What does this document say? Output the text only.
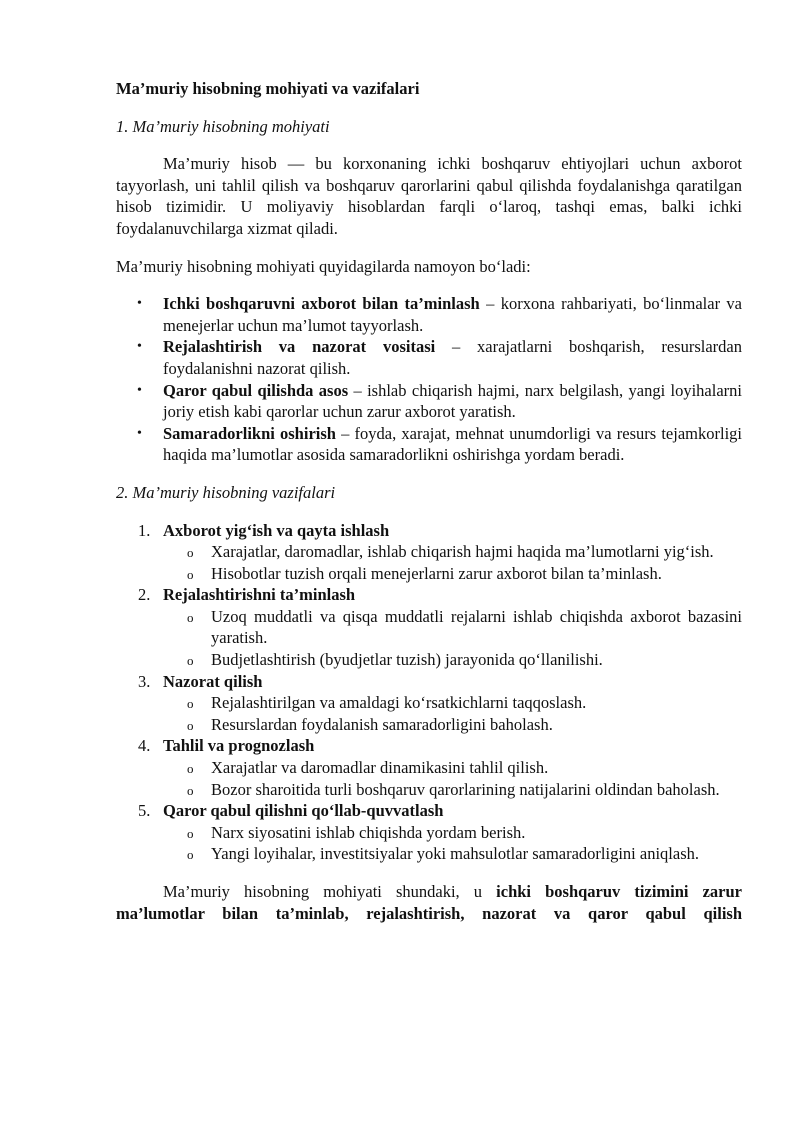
Ma’muriy hisobning mohiyati va vazifalari

1. Ma’muriy hisobning mohiyati

Ma’muriy hisob — bu korxonaning ichki boshqaruv ehtiyojlari uchun axborot tayyorlash, uni tahlil qilish va boshqaruv qarorlarini qabul qilishda foydalanishga qaratilgan hisob tizimidir. U moliyaviy hisoblardan farqli o‘laroq, tashqi emas, balki ichki foydalanuvchilarga xizmat qiladi.

Ma’muriy hisobning mohiyati quyidagilarda namoyon bo‘ladi:

• Ichki boshqaruvni axborot bilan ta’minlash – korxona rahbariyati, bo‘linmalar va menejerlar uchun ma’lumot tayyorlash.
• Rejalashtirish va nazorat vositasi – xarajatlarni boshqarish, resurslardan foydalanishni nazorat qilish.
• Qaror qabul qilishda asos – ishlab chiqarish hajmi, narx belgilash, yangi loyihalarni joriy etish kabi qarorlar uchun zarur axborot yaratish.
• Samaradorlikni oshirish – foyda, xarajat, mehnat unumdorligi va resurs tejamkorligi haqida ma’lumotlar asosida samaradorlikni oshirishga yordam beradi.

2. Ma’muriy hisobning vazifalari

1. Axborot yig‘ish va qayta ishlash
o Xarajatlar, daromadlar, ishlab chiqarish hajmi haqida ma’lumotlarni yig‘ish.
o Hisobotlar tuzish orqali menejerlarni zarur axborot bilan ta’minlash.
2. Rejalashtirishni ta’minlash
o Uzoq muddatli va qisqa muddatli rejalarni ishlab chiqishda axborot bazasini yaratish.
o Budjetlashtirish (byudjetlar tuzish) jarayonida qo‘llanilishi.
3. Nazorat qilish
o Rejalashtirilgan va amaldagi ko‘rsatkichlarni taqqoslash.
o Resurslardan foydalanish samaradorligini baholash.
4. Tahlil va prognozlash
o Xarajatlar va daromadlar dinamikasini tahlil qilish.
o Bozor sharoitida turli boshqaruv qarorlarining natijalarini oldindan baholash.
5. Qaror qabul qilishni qo‘llab-quvvatlash
o Narx siyosatini ishlab chiqishda yordam berish.
o Yangi loyihalar, investitsiyalar yoki mahsulotlar samaradorligini aniqlash.

Ma’muriy hisobning mohiyati shundaki, u ichki boshqaruv tizimini zarur ma’lumotlar bilan ta’minlab, rejalashtirish, nazorat va qaror qabul qilish
